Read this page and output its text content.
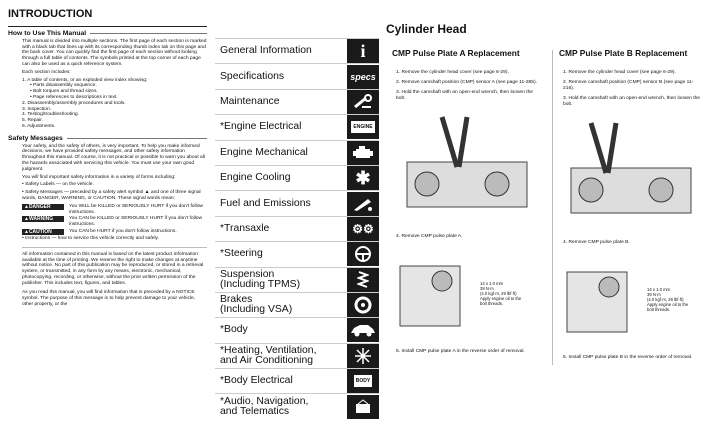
INTRODUCTION
How to Use This Manual

This manual is divided into multiple sections. The first page of each section is marked with a black tab that lines up with its corresponding thumb index tab on this page and the back cover. You can quickly find the first page of each section without looking through a full table of contents. The symbols printed at the top corner of each page can also be used as a quick reference system.

Each section includes:

1. A table of contents, or an exploded view index showing:
• Parts disassembly sequence.
• Bolt torques and thread sizes.
• Page references to descriptions in text.
2. Disassembly/assembly procedures and tools.
3. Inspection.
4. Testing/troubleshooting.
5. Repair.
6. Adjustments.
Safety Messages

Your safety, and the safety of others, is very important. To help you make informed decisions, we have provided safety messages, and other safety information throughout this manual. Of course, it is not practical or possible to warn you about all the hazards associated with servicing this vehicle. You must use your own good judgment.

You will find important safety information in a variety of forms including:

• Safety Labels — on the vehicle.

• Safety Messages — preceded by a safety alert symbol ▲ and one of three signal words, DANGER, WARNING, or CAUTION. These signal words mean:

▲DANGER	You WILL be KILLED or SERIOUSLY HURT if you don't follow instructions.
▲WARNING	You CAN be KILLED or SERIOUSLY HURT if you don't follow instructions.
▲CAUTION	You CAN be HURT if you don't follow instructions.

• Instructions — how to service this vehicle correctly and safely.

All information contained in this manual is based on the latest product information available at the time of printing. We reserve the right to make changes at anytime without notice. No part of this publication may be reproduced, or stored in a retrieval system, or transmitted, in any form by any means, electronic, mechanical, photocopying, recording, or otherwise, without the prior written permission of the publisher. This includes text, figures, and tables.

As you read this manual, you will find information that is preceded by a NOTICE symbol. The purpose of this message is to help prevent damage to your vehicle, other property, or the

General Information	i
Specifications	specs
Maintenance
*Engine Electrical	ENGINE
Engine Mechanical
Engine Cooling	✱
Fuel and Emissions
*Transaxle	⚙⚙
*Steering
Suspension
(Including TPMS)
Brakes
(Including VSA)
*Body
*Heating, Ventilation,
and Air Conditioning
*Body Electrical	BODY
*Audio, Navigation,
and Telematics
Cylinder Head
CMP Pulse Plate A Replacement
1. Remove the cylinder head cover (see page 6-29).
2. Remove camshaft position (CMP) sensor A (see page 11-285).
3. Hold the camshaft with an open-end wrench, then loosen the bolt.
4. Remove CMP pulse plate A.
14 x 1.0 mm
39 N·m
(4.0 kgf·m, 29 lbf·ft)
Apply engine oil to the
bolt threads.
5. Install CMP pulse plate A in the reverse order of removal.
CMP Pulse Plate B Replacement
1. Remove the cylinder head cover (see page 6-29).
2. Remove camshaft position (CMP) sensor B (see page 11-216).
3. Hold the camshaft with an open-end wrench, then loosen the bolt.
4. Remove CMP pulse plate B.
14 x 1.0 mm
39 N·m
(4.0 kgf·m, 29 lbf·ft)
Apply engine oil to the
bolt threads.
5. Install CMP pulse plate B in the reverse order of removal.
